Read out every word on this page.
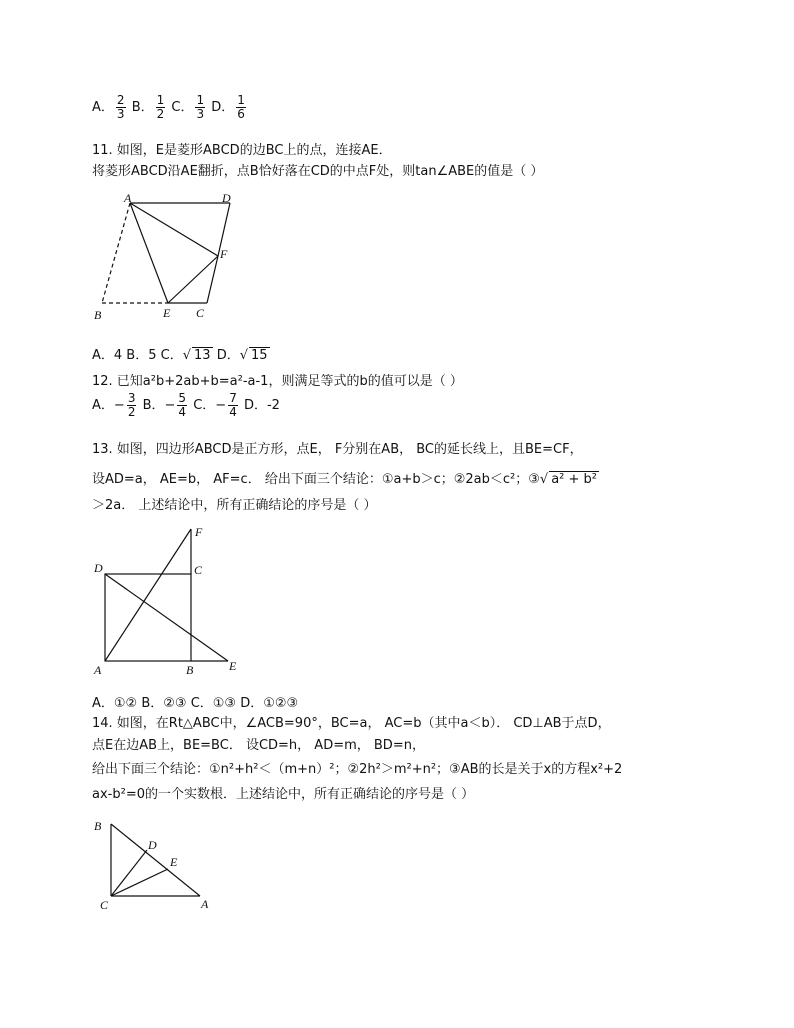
A． $\frac{2}{3}$ B． $\frac{1}{2}$ C． $\frac{1}{3}$ D． $\frac{1}{6}$
11. 如图，E是菱形ABCD的边BC上的点，连接AE．
将菱形ABCD沿AE翻折，点B恰好落在CD的中点F处，则tan∠ABE的值是（ ）
A	D
F
B	E C
A．4 B．5 C．√ 13 D．√ 15
12. 已知a²b+2ab+b=a²-a-1，则满足等式的b的值可以是（ ）
A．− $\frac{3}{2}$ B．− $\frac{5}{4}$ C．− $\frac{7}{4}$ D．-2
13. 如图，四边形ABCD是正方形，点E， F分别在AB， BC的延长线上，且BE=CF，
设AD=a， AE=b， AF=c． 给出下面三个结论：①a+b＞c；②2ab＜c²；③√ a² + b²
＞2a． 上述结论中，所有正确结论的序号是（ ）
F
D	C
A	B	E
A．①② B．②③ C．①③ D．①②③
14. 如图，在Rt△ABC中，∠ACB=90°，BC=a， AC=b（其中a＜b）． CD⊥AB于点D，
点E在边AB上，BE=BC． 设CD=h， AD=m， BD=n，
给出下面三个结论：①n²+h²＜（m+n）²；②2h²＞m²+n²；③AB的长是关于x的方程x²+2
ax-b²=0的一个实数根．上述结论中，所有正确结论的序号是（ ）
B
D
E
C	A
